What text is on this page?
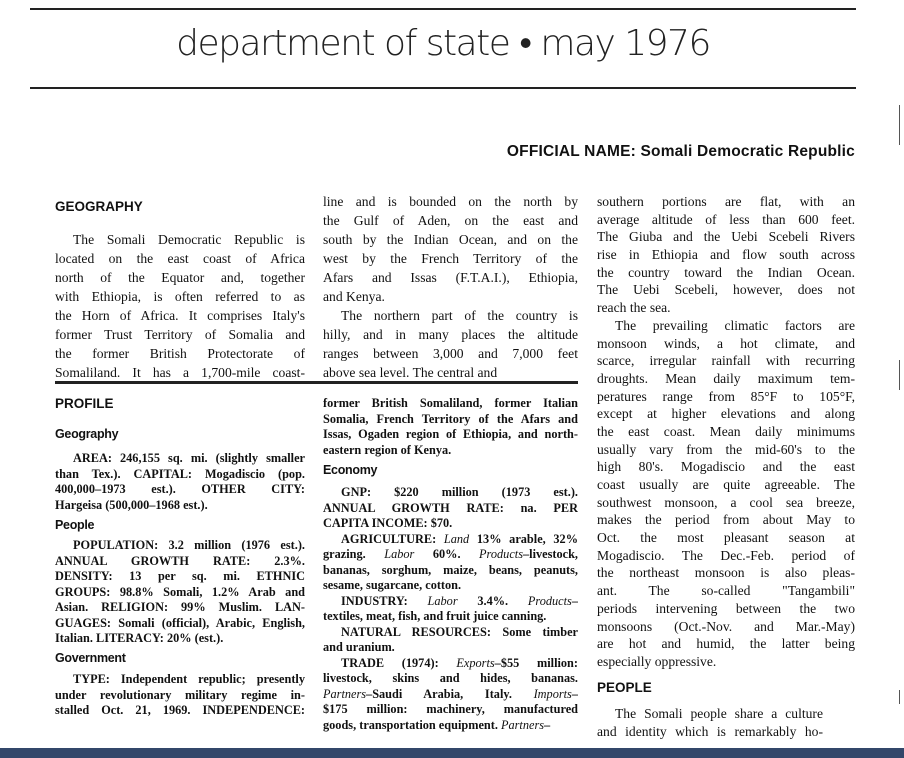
department of state • may 1976
OFFICIAL NAME: Somali Democratic Republic
GEOGRAPHY
The Somali Democratic Republic is
located on the east coast of Africa
north of the Equator and, together
with Ethiopia, is often referred to as
the Horn of Africa. It comprises Italy's
former Trust Territory of Somalia and
the former British Protectorate of
Somaliland. It has a 1,700-mile coast-
line and is bounded on the north by
the Gulf of Aden, on the east and
south by the Indian Ocean, and on the
west by the French Territory of the
Afars and Issas (F.T.A.I.), Ethiopia,
and Kenya.
The northern part of the country is
hilly, and in many places the altitude
ranges between 3,000 and 7,000 feet
above sea level. The central and
southern portions are flat, with an
average altitude of less than 600 feet.
The Giuba and the Uebi Scebeli Rivers
rise in Ethiopia and flow south across
the country toward the Indian Ocean.
The Uebi Scebeli, however, does not
reach the sea.
The prevailing climatic factors are
monsoon winds, a hot climate, and
scarce, irregular rainfall with recurring
droughts. Mean daily maximum tem-
peratures range from 85°F to 105°F,
except at higher elevations and along
the east coast. Mean daily minimums
usually vary from the mid-60's to the
high 80's. Mogadiscio and the east
coast usually are quite agreeable. The
southwest monsoon, a cool sea breeze,
makes the period from about May to
Oct. the most pleasant season at
Mogadiscio. The Dec.-Feb. period of
the northeast monsoon is also pleas-
ant. The so-called "Tangambili"
periods intervening between the two
monsoons (Oct.-Nov. and Mar.-May)
are hot and humid, the latter being
especially oppressive.
PROFILE
Geography
AREA: 246,155 sq. mi. (slightly smaller
than Tex.). CAPITAL: Mogadiscio (pop.
400,000–1973 est.). OTHER CITY:
Hargeisa (500,000–1968 est.).
People
POPULATION: 3.2 million (1976 est.).
ANNUAL GROWTH RATE: 2.3%.
DENSITY: 13 per sq. mi. ETHNIC
GROUPS: 98.8% Somali, 1.2% Arab and
Asian. RELIGION: 99% Muslim. LAN-
GUAGES: Somali (official), Arabic, English,
Italian. LITERACY: 20% (est.).
Government
TYPE: Independent republic; presently
under revolutionary military regime in-
stalled Oct. 21, 1969. INDEPENDENCE:
former British Somaliland, former Italian
Somalia, French Territory of the Afars and
Issas, Ogaden region of Ethiopia, and north-
eastern region of Kenya.
Economy
GNP: $220 million (1973 est.).
ANNUAL GROWTH RATE: na. PER
CAPITA INCOME: $70.
AGRICULTURE: Land 13% arable, 32%
grazing. Labor 60%. Products–livestock,
bananas, sorghum, maize, beans, peanuts,
sesame, sugarcane, cotton.
INDUSTRY: Labor 3.4%. Products–
textiles, meat, fish, and fruit juice canning.
NATURAL RESOURCES: Some timber
and uranium.
TRADE (1974): Exports–$55 million:
livestock, skins and hides, bananas.
Partners–Saudi Arabia, Italy. Imports–
$175 million: machinery, manufactured
goods, transportation equipment. Partners–
PEOPLE
The Somali people share a culture
and identity which is remarkably ho-
